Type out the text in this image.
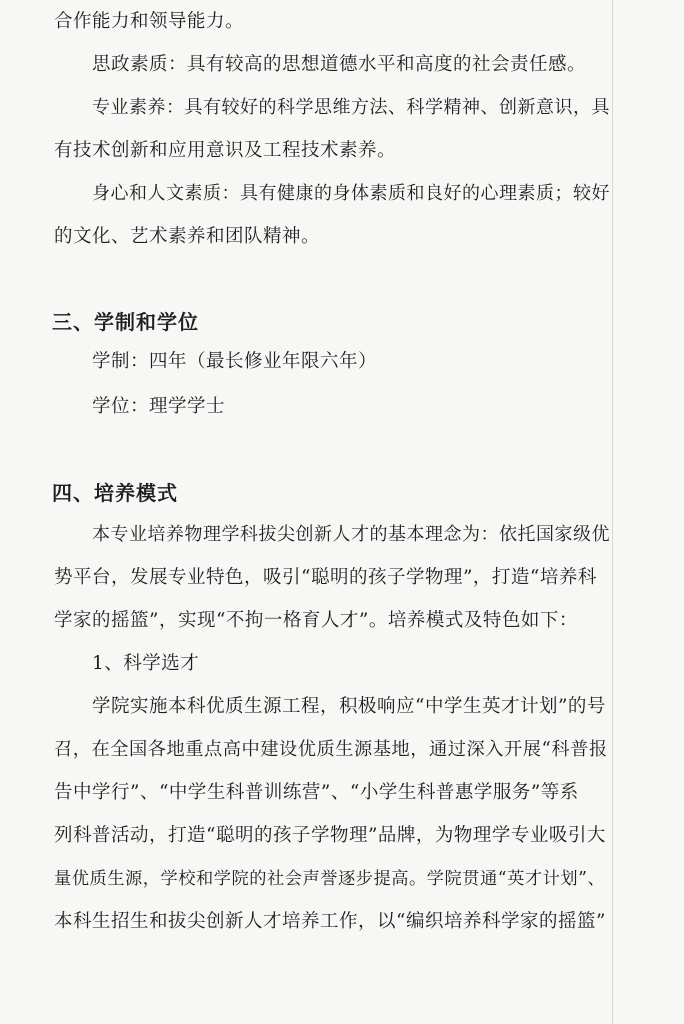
合作能力和领导能力。
思政素质：具有较高的思想道德水平和高度的社会责任感。
专业素养：具有较好的科学思维方法、科学精神、创新意识，具
有技术创新和应用意识及工程技术素养。
身心和人文素质：具有健康的身体素质和良好的心理素质；较好
的文化、艺术素养和团队精神。
三、学制和学位
学制：四年（最长修业年限六年）
学位：理学学士
四、培养模式
本专业培养物理学科拔尖创新人才的基本理念为：依托国家级优
势平台，发展专业特色，吸引“聪明的孩子学物理”，打造“培养科
学家的摇篮”，实现“不拘一格育人才”。培养模式及特色如下：
1、科学选才
学院实施本科优质生源工程，积极响应“中学生英才计划”的号
召，在全国各地重点高中建设优质生源基地，通过深入开展“科普报
告中学行”、“中学生科普训练营”、“小学生科普惠学服务”等系
列科普活动，打造“聪明的孩子学物理”品牌，为物理学专业吸引大
量优质生源，学校和学院的社会声誉逐步提高。学院贯通“英才计划”、
本科生招生和拔尖创新人才培养工作，以“编织培养科学家的摇篮”
